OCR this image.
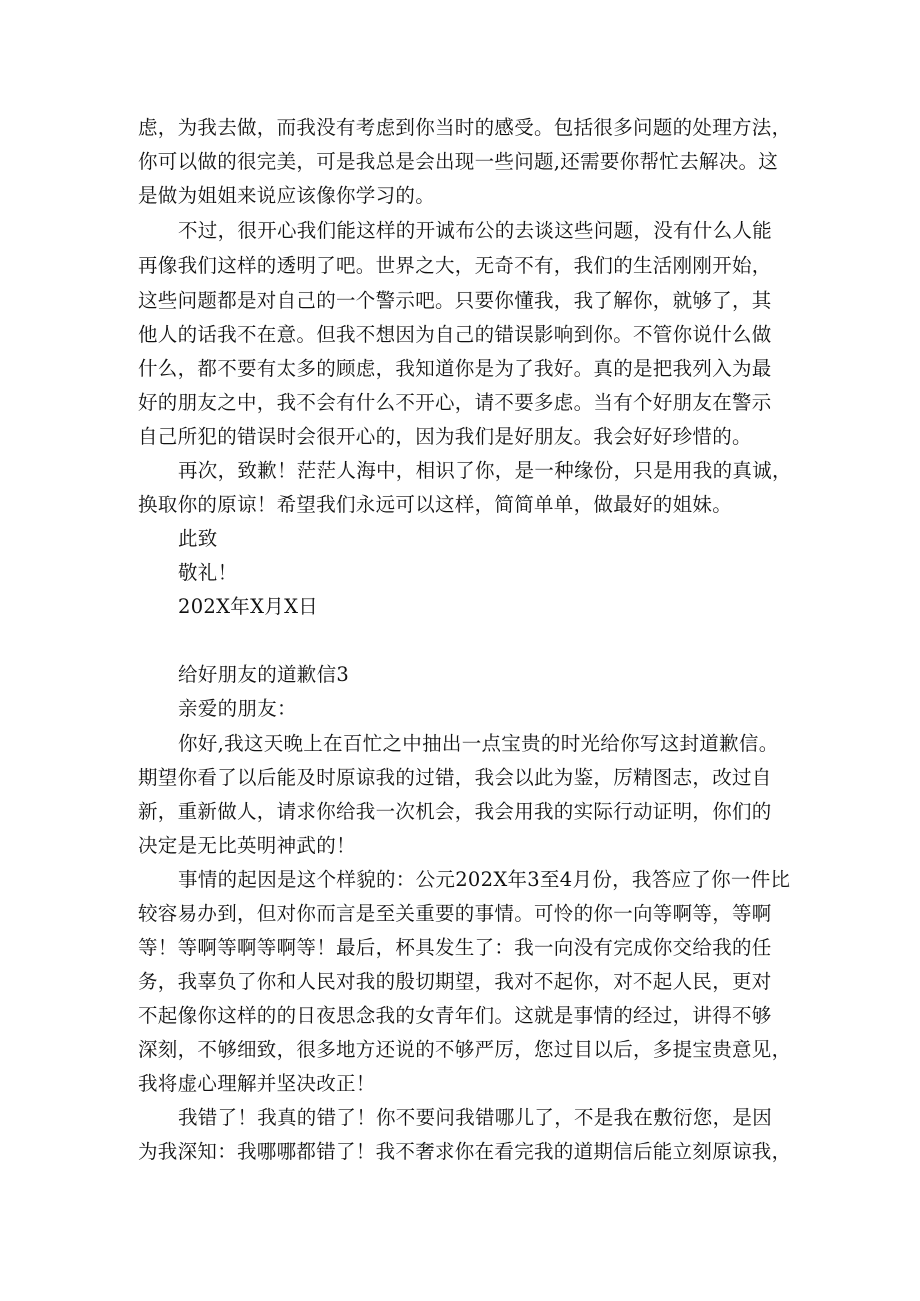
虑，为我去做，而我没有考虑到你当时的感受。包括很多问题的处理方法，
你可以做的很完美，可是我总是会出现一些问题,还需要你帮忙去解决。这
是做为姐姐来说应该像你学习的。
不过，很开心我们能这样的开诚布公的去谈这些问题，没有什么人能
再像我们这样的透明了吧。世界之大，无奇不有，我们的生活刚刚开始，
这些问题都是对自己的一个警示吧。只要你懂我，我了解你，就够了，其
他人的话我不在意。但我不想因为自己的错误影响到你。不管你说什么做
什么，都不要有太多的顾虑，我知道你是为了我好。真的是把我列入为最
好的朋友之中，我不会有什么不开心，请不要多虑。当有个好朋友在警示
自己所犯的错误时会很开心的，因为我们是好朋友。我会好好珍惜的。
再次，致歉！茫茫人海中，相识了你，是一种缘份，只是用我的真诚，
换取你的原谅！希望我们永远可以这样，简简单单，做最好的姐妹。
此致
敬礼！
202X年X月X日
给好朋友的道歉信3
亲爱的朋友：
你好,我这天晚上在百忙之中抽出一点宝贵的时光给你写这封道歉信。
期望你看了以后能及时原谅我的过错，我会以此为鉴，厉精图志，改过自
新，重新做人，请求你给我一次机会，我会用我的实际行动证明，你们的
决定是无比英明神武的！
事情的起因是这个样貌的：公元202X年3至4月份，我答应了你一件比
较容易办到，但对你而言是至关重要的事情。可怜的你一向等啊等，等啊
等！等啊等啊等啊等！最后，杯具发生了：我一向没有完成你交给我的任
务，我辜负了你和人民对我的殷切期望，我对不起你，对不起人民，更对
不起像你这样的的日夜思念我的女青年们。这就是事情的经过，讲得不够
深刻，不够细致，很多地方还说的不够严厉，您过目以后，多提宝贵意见，
我将虚心理解并坚决改正！
我错了！我真的错了！你不要问我错哪儿了，不是我在敷衍您，是因
为我深知：我哪哪都错了！我不奢求你在看完我的道期信后能立刻原谅我，
